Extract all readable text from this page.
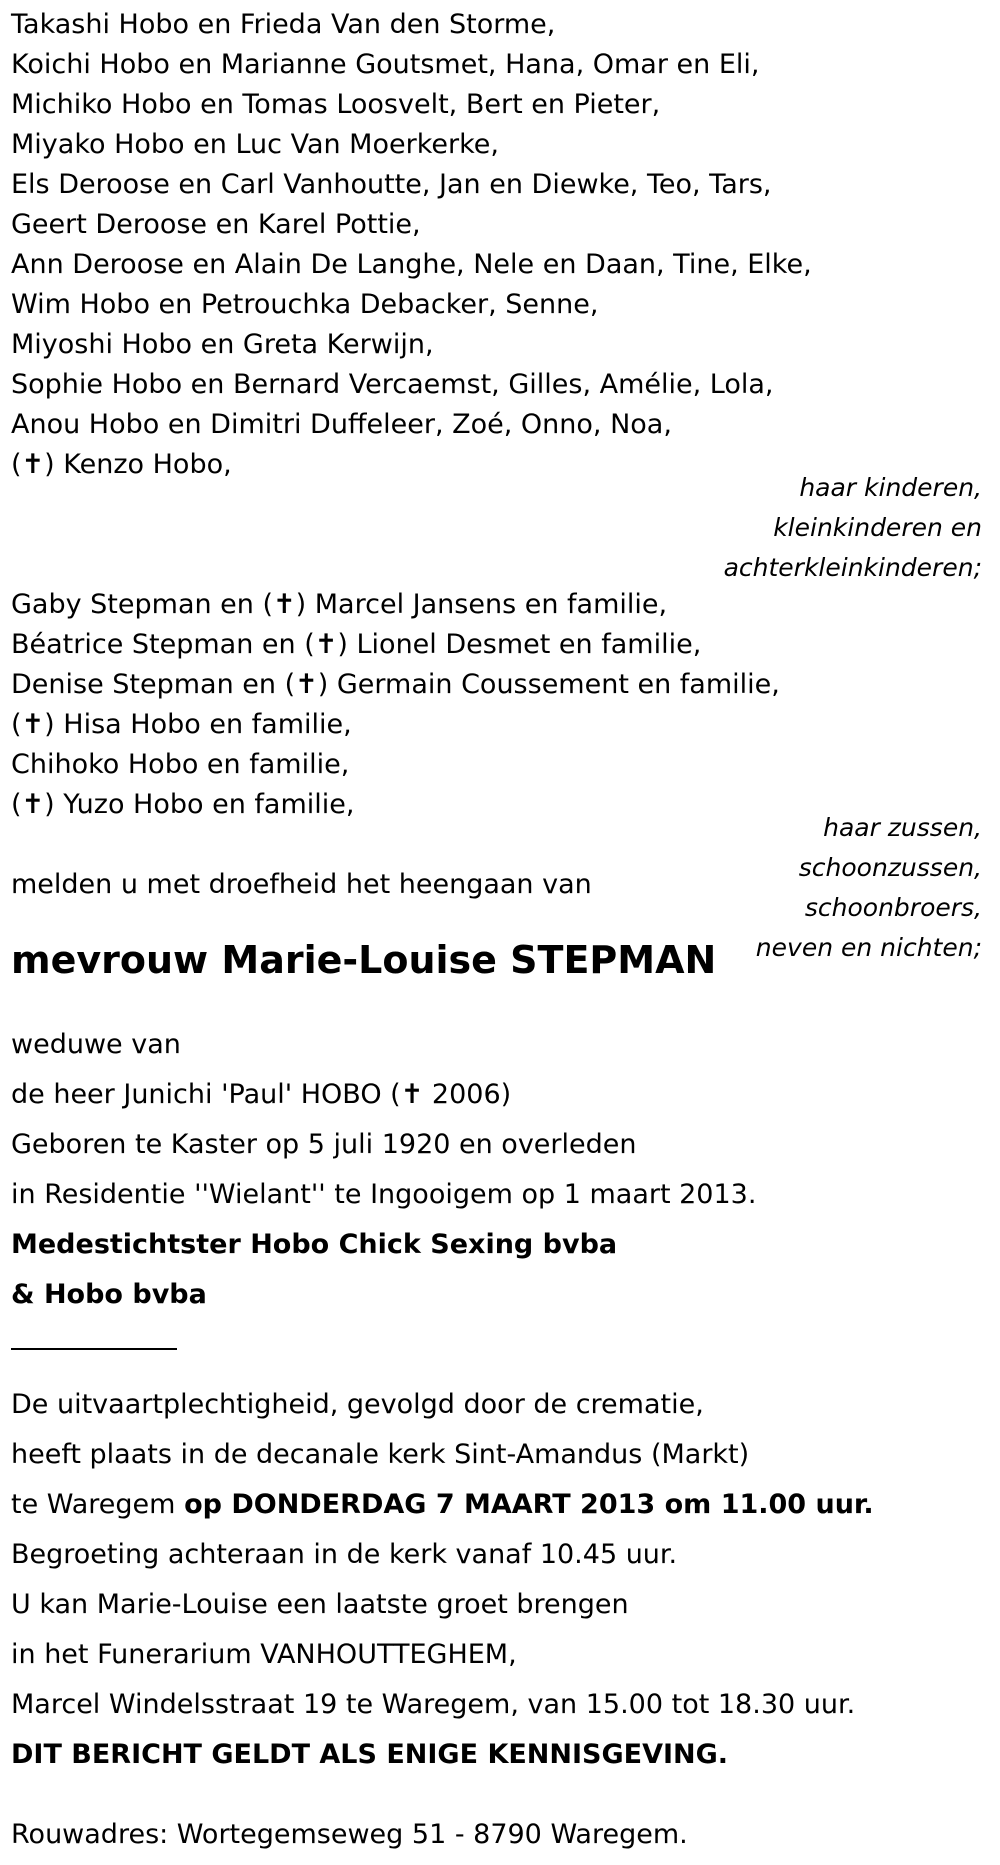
Takashi Hobo en Frieda Van den Storme,
Koichi Hobo en Marianne Goutsmet, Hana, Omar en Eli,
Michiko Hobo en Tomas Loosvelt, Bert en Pieter,
Miyako Hobo en Luc Van Moerkerke,
Els Deroose en Carl Vanhoutte, Jan en Diewke, Teo, Tars,
Geert Deroose en Karel Pottie,
Ann Deroose en Alain De Langhe, Nele en Daan, Tine, Elke,
Wim Hobo en Petrouchka Debacker, Senne,
Miyoshi Hobo en Greta Kerwijn,
Sophie Hobo en Bernard Vercaemst, Gilles, Amélie, Lola,
Anou Hobo en Dimitri Duffeleer, Zoé, Onno, Noa,
(✝) Kenzo Hobo,
haar kinderen,
kleinkinderen en
achterkleinkinderen;
Gaby Stepman en (✝) Marcel Jansens en familie,
Béatrice Stepman en (✝) Lionel Desmet en familie,
Denise Stepman en (✝) Germain Coussement en familie,
(✝) Hisa Hobo en familie,
Chihoko Hobo en familie,
(✝) Yuzo Hobo en familie,
haar zussen,
schoonzussen,
schoonbroers,
neven en nichten;
melden u met droefheid het heengaan van
mevrouw Marie-Louise STEPMAN
weduwe van
de heer Junichi 'Paul' HOBO (✝ 2006)
Geboren te Kaster op 5 juli 1920 en overleden
in Residentie ''Wielant'' te Ingooigem op 1 maart 2013.
Medestichtster Hobo Chick Sexing bvba
& Hobo bvba
De uitvaartplechtigheid, gevolgd door de crematie,
heeft plaats in de decanale kerk Sint-Amandus (Markt)
te Waregem op DONDERDAG 7 MAART 2013 om 11.00 uur.
Begroeting achteraan in de kerk vanaf 10.45 uur.
U kan Marie-Louise een laatste groet brengen
in het Funerarium VANHOUTTEGHEM,
Marcel Windelsstraat 19 te Waregem, van 15.00 tot 18.30 uur.
DIT BERICHT GELDT ALS ENIGE KENNISGEVING.
Rouwadres: Wortegemseweg 51 - 8790 Waregem.
